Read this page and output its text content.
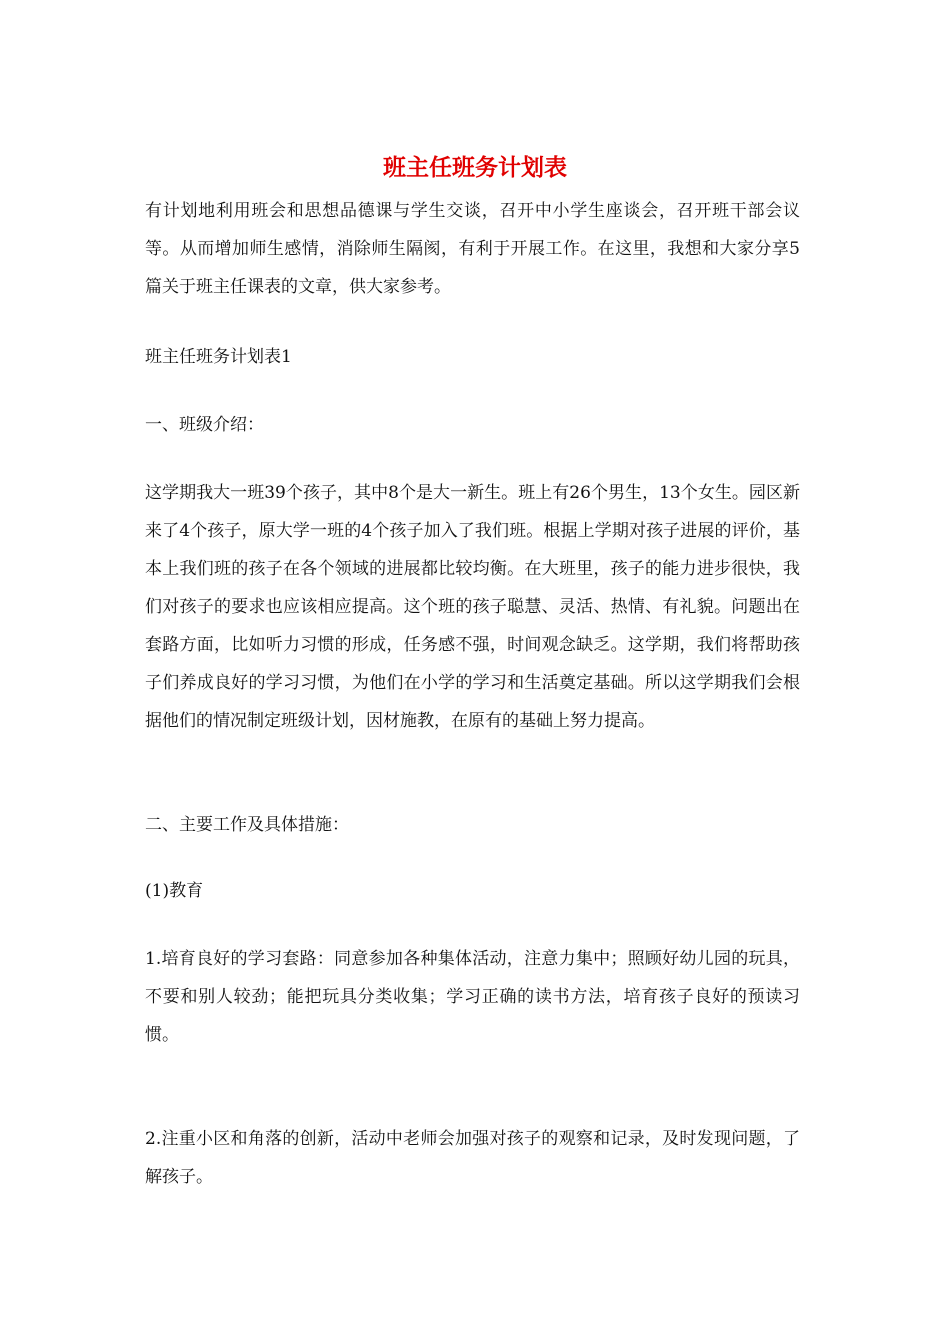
班主任班务计划表

有计划地利用班会和思想品德课与学生交谈，召开中小学生座谈会，召开班干部会议等。从而增加师生感情，消除师生隔阂，有利于开展工作。在这里，我想和大家分享5篇关于班主任课表的文章，供大家参考。

班主任班务计划表1

一、班级介绍：

这学期我大一班39个孩子，其中8个是大一新生。班上有26个男生，13个女生。园区新来了4个孩子，原大学一班的4个孩子加入了我们班。根据上学期对孩子进展的评价，基本上我们班的孩子在各个领域的进展都比较均衡。在大班里，孩子的能力进步很快，我们对孩子的要求也应该相应提高。这个班的孩子聪慧、灵活、热情、有礼貌。问题出在套路方面，比如听力习惯的形成，任务感不强，时间观念缺乏。这学期，我们将帮助孩子们养成良好的学习习惯，为他们在小学的学习和生活奠定基础。所以这学期我们会根据他们的情况制定班级计划，因材施教，在原有的基础上努力提高。

二、主要工作及具体措施：

(1)教育

1.培育良好的学习套路：同意参加各种集体活动，注意力集中；照顾好幼儿园的玩具，不要和别人较劲；能把玩具分类收集；学习正确的读书方法，培育孩子良好的预读习惯。

2.注重小区和角落的创新，活动中老师会加强对孩子的观察和记录，及时发现问题，了解孩子。
